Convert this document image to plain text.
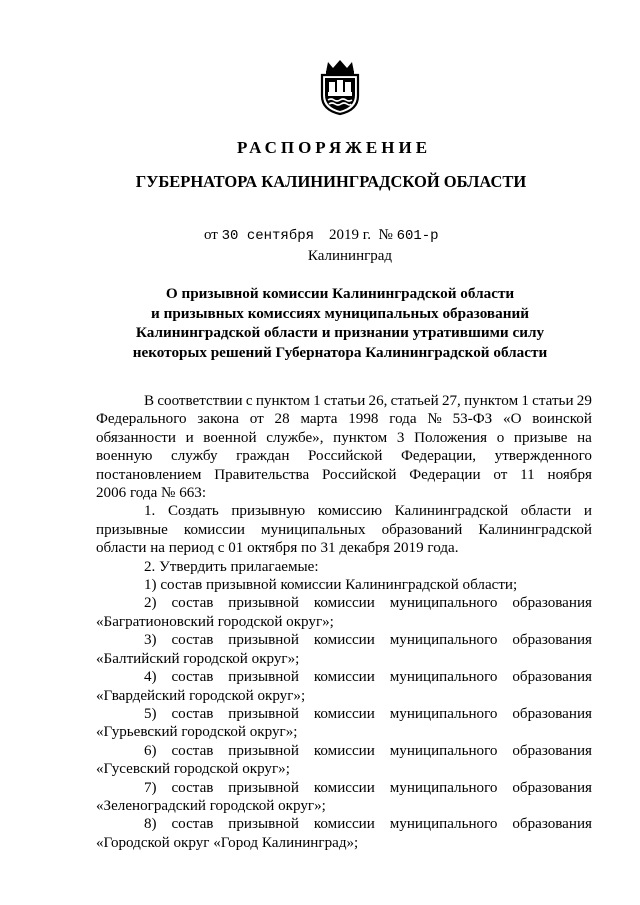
РАСПОРЯЖЕНИЕ
ГУБЕРНАТОРА КАЛИНИНГРАДСКОЙ ОБЛАСТИ
от 30 сентября 2019 г. № 601-р
Калининград
О призывной комиссии Калининградской области
и призывных комиссиях муниципальных образований
Калининградской области и признании утратившими силу
некоторых решений Губернатора Калининградской области
В соответствии с пунктом 1 статьи 26, статьей 27, пунктом 1 статьи 29
Федерального закона от 28 марта 1998 года № 53-ФЗ «О воинской
обязанности и военной службе», пунктом 3 Положения о призыве на
военную службу граждан Российской Федерации, утвержденного
постановлением Правительства Российской Федерации от 11 ноября
2006 года № 663:
1. Создать призывную комиссию Калининградской области и
призывные комиссии муниципальных образований Калининградской
области на период с 01 октября по 31 декабря 2019 года.
2. Утвердить прилагаемые:
1) состав призывной комиссии Калининградской области;
2) состав призывной комиссии муниципального образования
«Багратионовский городской округ»;
3) состав призывной комиссии муниципального образования
«Балтийский городской округ»;
4) состав призывной комиссии муниципального образования
«Гвардейский городской округ»;
5) состав призывной комиссии муниципального образования
«Гурьевский городской округ»;
6) состав призывной комиссии муниципального образования
«Гусевский городской округ»;
7) состав призывной комиссии муниципального образования
«Зеленоградский городской округ»;
8) состав призывной комиссии муниципального образования
«Городской округ «Город Калининград»;
